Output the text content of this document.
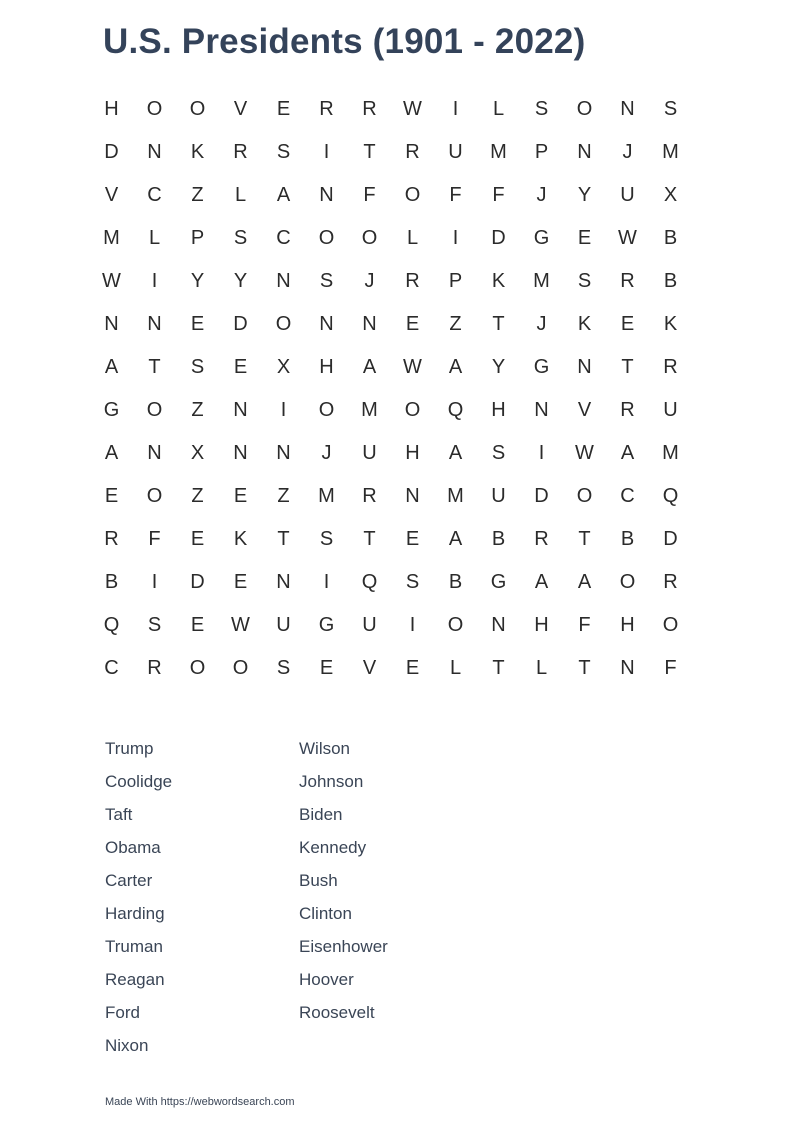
U.S. Presidents (1901 - 2022)
H	O	O	V	E	R	R	W	I	L	S	O	N	S
D	N	K	R	S	I	T	R	U	M	P	N	J	M
V	C	Z	L	A	N	F	O	F	F	J	Y	U	X
M	L	P	S	C	O	O	L	I	D	G	E	W	B
W	I	Y	Y	N	S	J	R	P	K	M	S	R	B
N	N	E	D	O	N	N	E	Z	T	J	K	E	K
A	T	S	E	X	H	A	W	A	Y	G	N	T	R
G	O	Z	N	I	O	M	O	Q	H	N	V	R	U
A	N	X	N	N	J	U	H	A	S	I	W	A	M
E	O	Z	E	Z	M	R	N	M	U	D	O	C	Q
R	F	E	K	T	S	T	E	A	B	R	T	B	D
B	I	D	E	N	I	Q	S	B	G	A	A	O	R
Q	S	E	W	U	G	U	I	O	N	H	F	H	O
C	R	O	O	S	E	V	E	L	T	L	T	N	F
Trump
Coolidge
Taft
Obama
Carter
Harding
Truman
Reagan
Ford
Nixon
Wilson
Johnson
Biden
Kennedy
Bush
Clinton
Eisenhower
Hoover
Roosevelt
Made With https://webwordsearch.com
